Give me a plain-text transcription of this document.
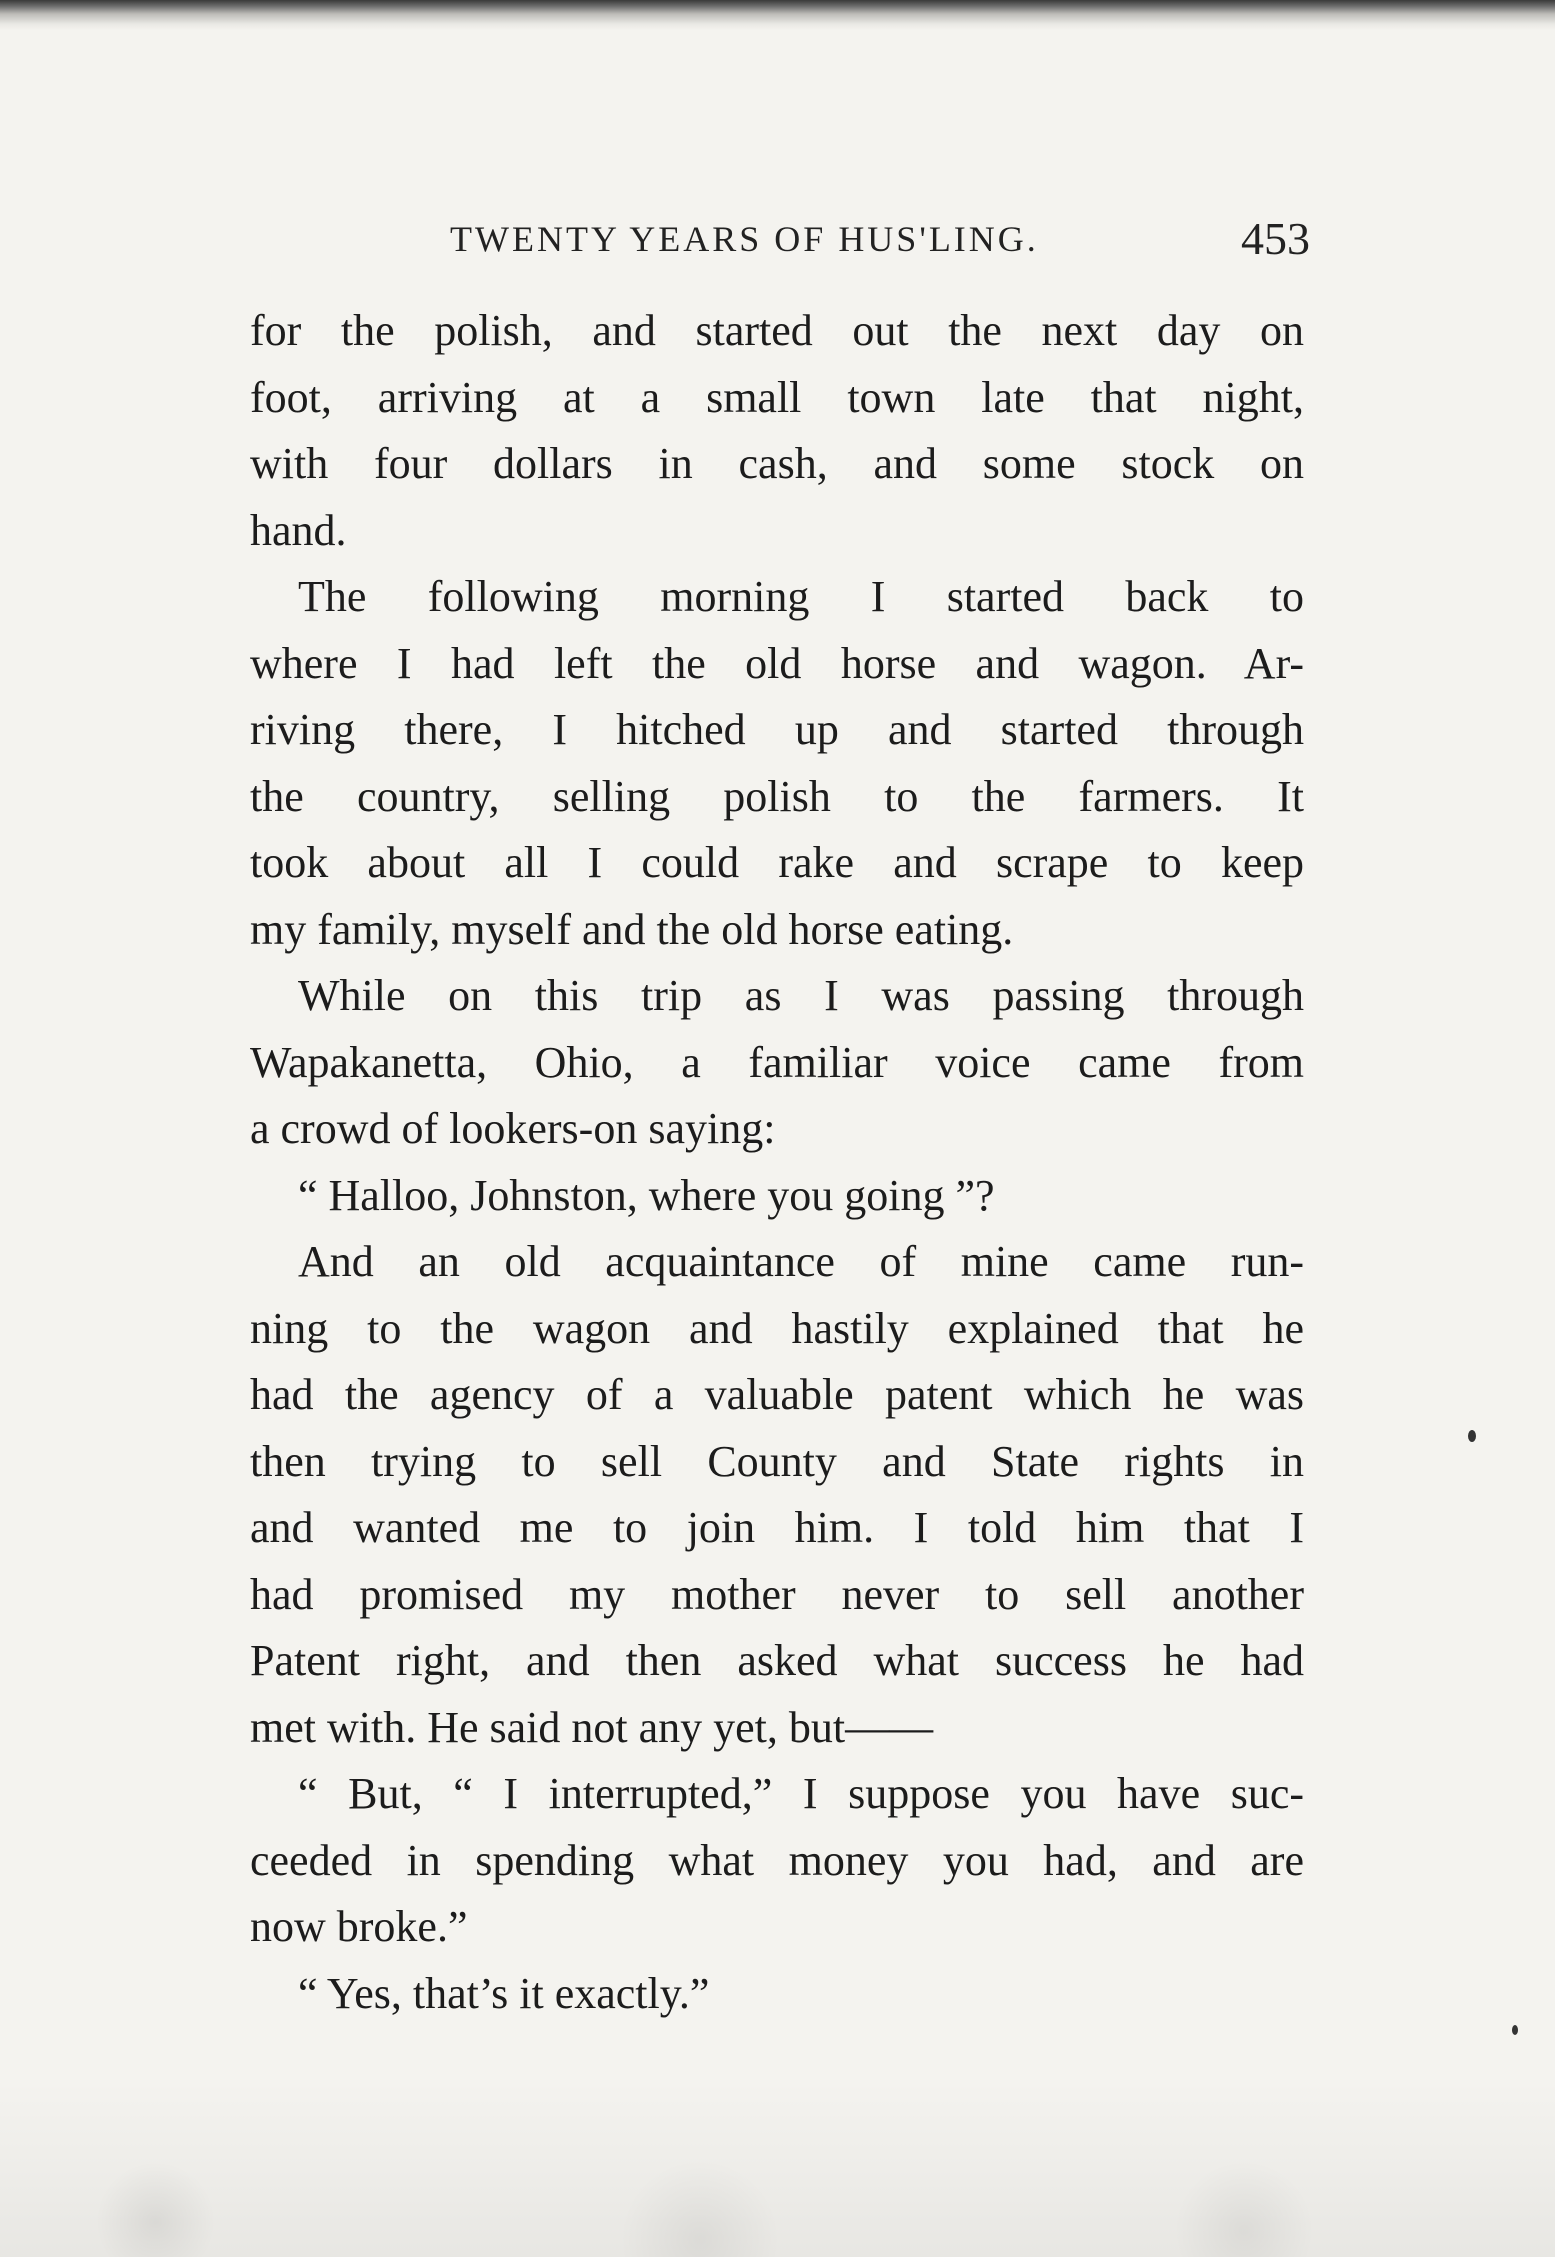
TWENTY YEARS OF HUS'LING.	453
for the polish, and started out the next day on
foot, arriving at a small town late that night,
with four dollars in cash, and some stock on
hand.
The following morning I started back to
where I had left the old horse and wagon. Ar-
riving there, I hitched up and started through
the country, selling polish to the farmers. It
took about all I could rake and scrape to keep
my family, myself and the old horse eating.
While on this trip as I was passing through
Wapakanetta, Ohio, a familiar voice came from
a crowd of lookers-on saying:
“ Halloo, Johnston, where you going ”?
And an old acquaintance of mine came run-
ning to the wagon and hastily explained that he
had the agency of a valuable patent which he was
then trying to sell County and State rights in
and wanted me to join him. I told him that I
had promised my mother never to sell another
Patent right, and then asked what success he had
met with. He said not any yet, but——
“ But, “ I interrupted,” I suppose you have suc-
ceeded in spending what money you had, and are
now broke.”
“ Yes, that’s it exactly.”
